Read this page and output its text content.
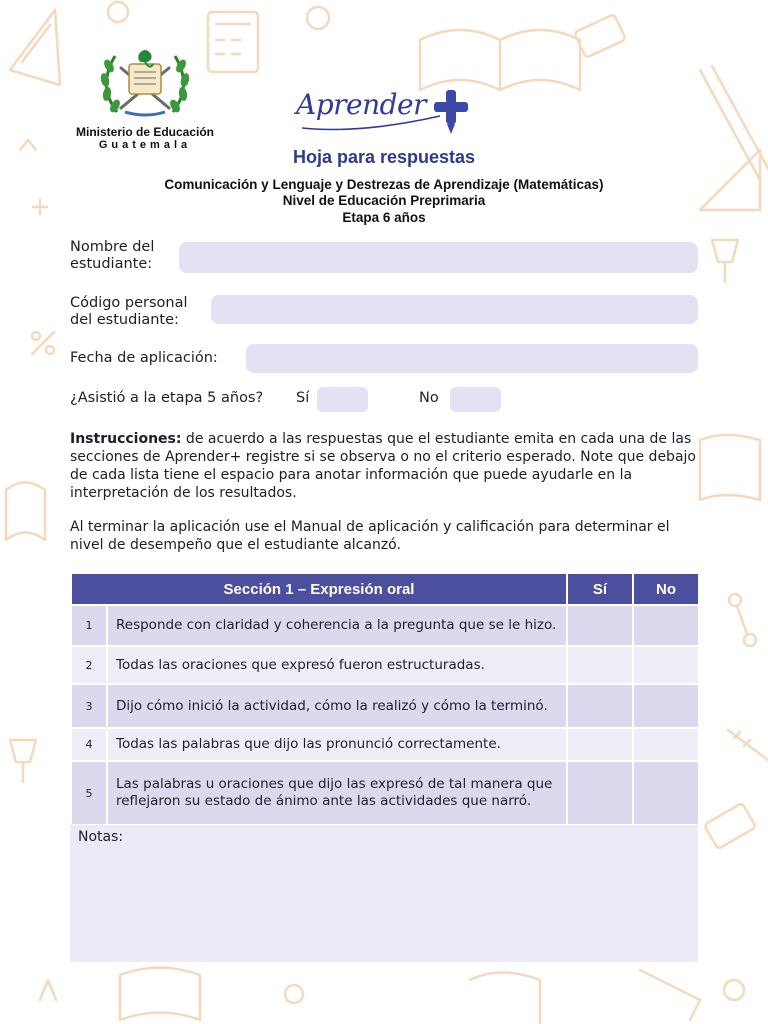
Ministerio de Educación
Guatemala
Aprender
Hoja para respuestas
Comunicación y Lenguaje y Destrezas de Aprendizaje (Matemáticas)
Nivel de Educación Preprimaria
Etapa 6 años
Nombre del
estudiante:
Código personal
del estudiante:
Fecha de aplicación:
¿Asistió a la etapa 5 años? Sí	No
Instrucciones: de acuerdo a las respuestas que el estudiante emita en cada una de las secciones de Aprender+ registre si se observa o no el criterio esperado. Note que debajo de cada lista tiene el espacio para anotar información que puede ayudarle en la interpretación de los resultados.
Al terminar la aplicación use el Manual de aplicación y calificación para determinar el nivel de desempeño que el estudiante alcanzó.
Sección 1 – Expresión oral		Sí	No
1	Responde con claridad y coherencia a la pregunta que se le hizo.		
2	Todas las oraciones que expresó fueron estructuradas.		
3	Dijo cómo inició la actividad, cómo la realizó y cómo la terminó.		
4	Todas las palabras que dijo las pronunció correctamente.		
5	Las palabras u oraciones que dijo las expresó de tal manera que reflejaron su estado de ánimo ante las actividades que narró.		
Notas:
